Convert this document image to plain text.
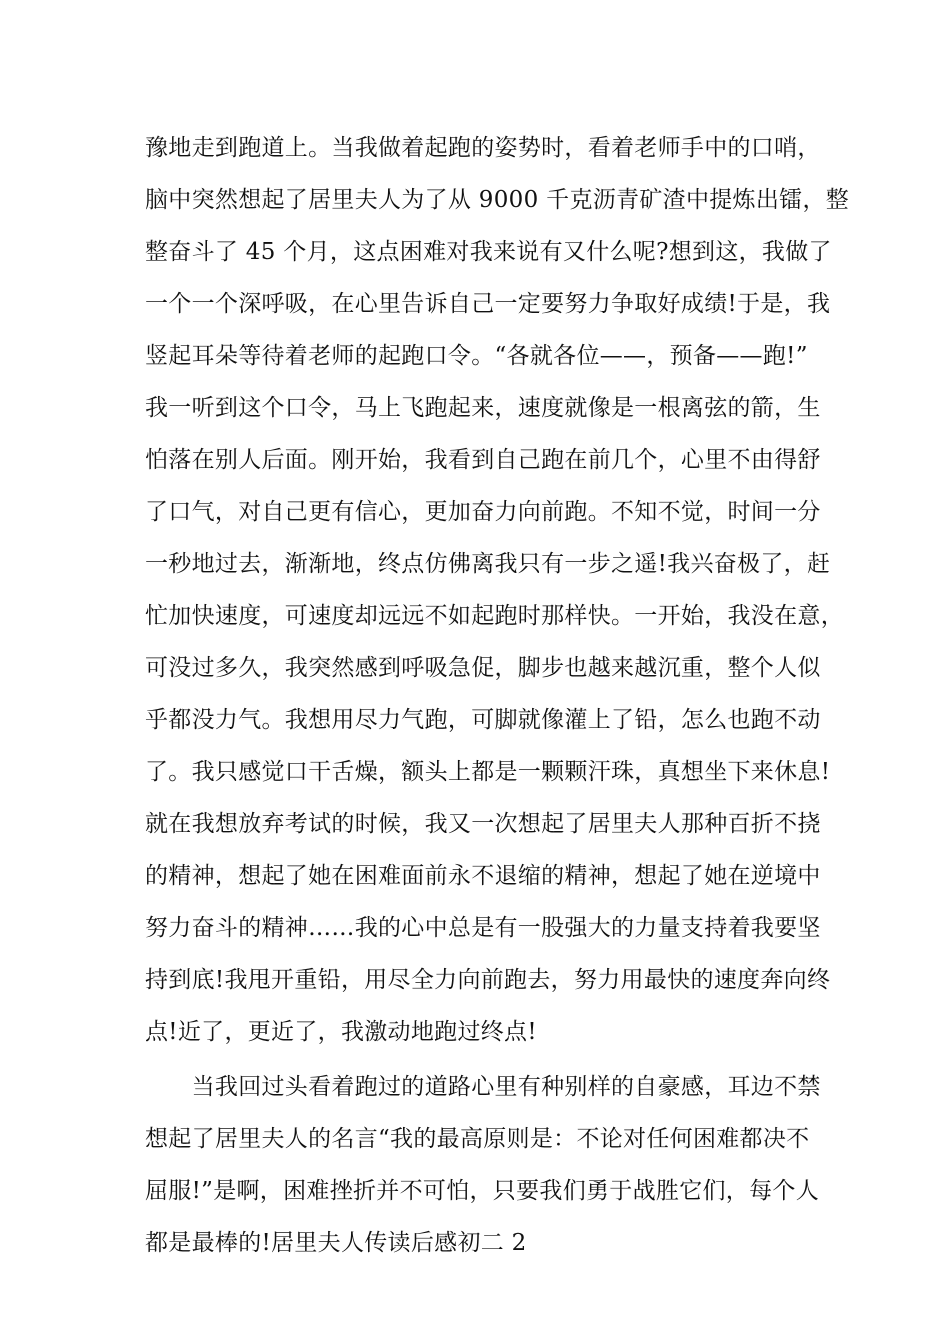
豫地走到跑道上。当我做着起跑的姿势时，看着老师手中的口哨，
脑中突然想起了居里夫人为了从 9000 千克沥青矿渣中提炼出镭，整
整奋斗了 45 个月，这点困难对我来说有又什么呢?想到这，我做了
一个一个深呼吸，在心里告诉自己一定要努力争取好成绩!于是，我
竖起耳朵等待着老师的起跑口令。“各就各位——，预备——跑!”
我一听到这个口令，马上飞跑起来，速度就像是一根离弦的箭，生
怕落在别人后面。刚开始，我看到自己跑在前几个，心里不由得舒
了口气，对自己更有信心，更加奋力向前跑。不知不觉，时间一分
一秒地过去，渐渐地，终点仿佛离我只有一步之遥!我兴奋极了，赶
忙加快速度，可速度却远远不如起跑时那样快。一开始，我没在意，
可没过多久，我突然感到呼吸急促，脚步也越来越沉重，整个人似
乎都没力气。我想用尽力气跑，可脚就像灌上了铅，怎么也跑不动
了。我只感觉口干舌燥，额头上都是一颗颗汗珠，真想坐下来休息!
就在我想放弃考试的时候，我又一次想起了居里夫人那种百折不挠
的精神，想起了她在困难面前永不退缩的精神，想起了她在逆境中
努力奋斗的精神……我的心中总是有一股强大的力量支持着我要坚
持到底!我甩开重铅，用尽全力向前跑去，努力用最快的速度奔向终
点!近了，更近了，我激动地跑过终点!
　　当我回过头看着跑过的道路心里有种别样的自豪感，耳边不禁
想起了居里夫人的名言“我的最高原则是：不论对任何困难都决不
屈服!”是啊，困难挫折并不可怕，只要我们勇于战胜它们，每个人
都是最棒的!居里夫人传读后感初二 2
